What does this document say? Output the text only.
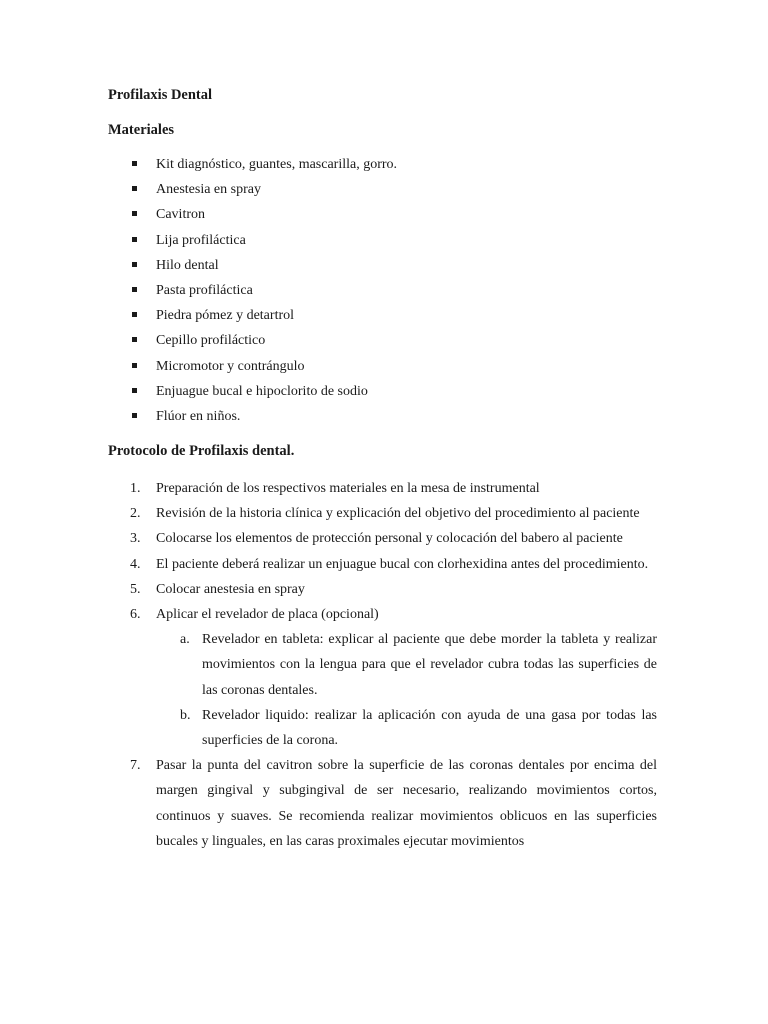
Profilaxis Dental

Materiales

Kit diagnóstico, guantes, mascarilla, gorro.
Anestesia en spray
Cavitron
Lija profiláctica
Hilo dental
Pasta profiláctica
Piedra pómez y detartrol
Cepillo profiláctico
Micromotor y contrángulo
Enjuague bucal e hipoclorito de sodio
Flúor en niños.

Protocolo de Profilaxis dental.

1. Preparación de los respectivos materiales en la mesa de instrumental
2. Revisión de la historia clínica y explicación del objetivo del procedimiento al paciente
3. Colocarse los elementos de protección personal y colocación del babero al paciente
4. El paciente deberá realizar un enjuague bucal con clorhexidina antes del procedimiento.
5. Colocar anestesia en spray
6. Aplicar el revelador de placa (opcional)
a. Revelador en tableta: explicar al paciente que debe morder la tableta y realizar movimientos con la lengua para que el revelador cubra todas las superficies de las coronas dentales.
b. Revelador liquido: realizar la aplicación con ayuda de una gasa por todas las superficies de la corona.
7. Pasar la punta del cavitron sobre la superficie de las coronas dentales por encima del margen gingival y subgingival de ser necesario, realizando movimientos cortos, continuos y suaves. Se recomienda realizar movimientos oblicuos en las superficies bucales y linguales, en las caras proximales ejecutar movimientos
